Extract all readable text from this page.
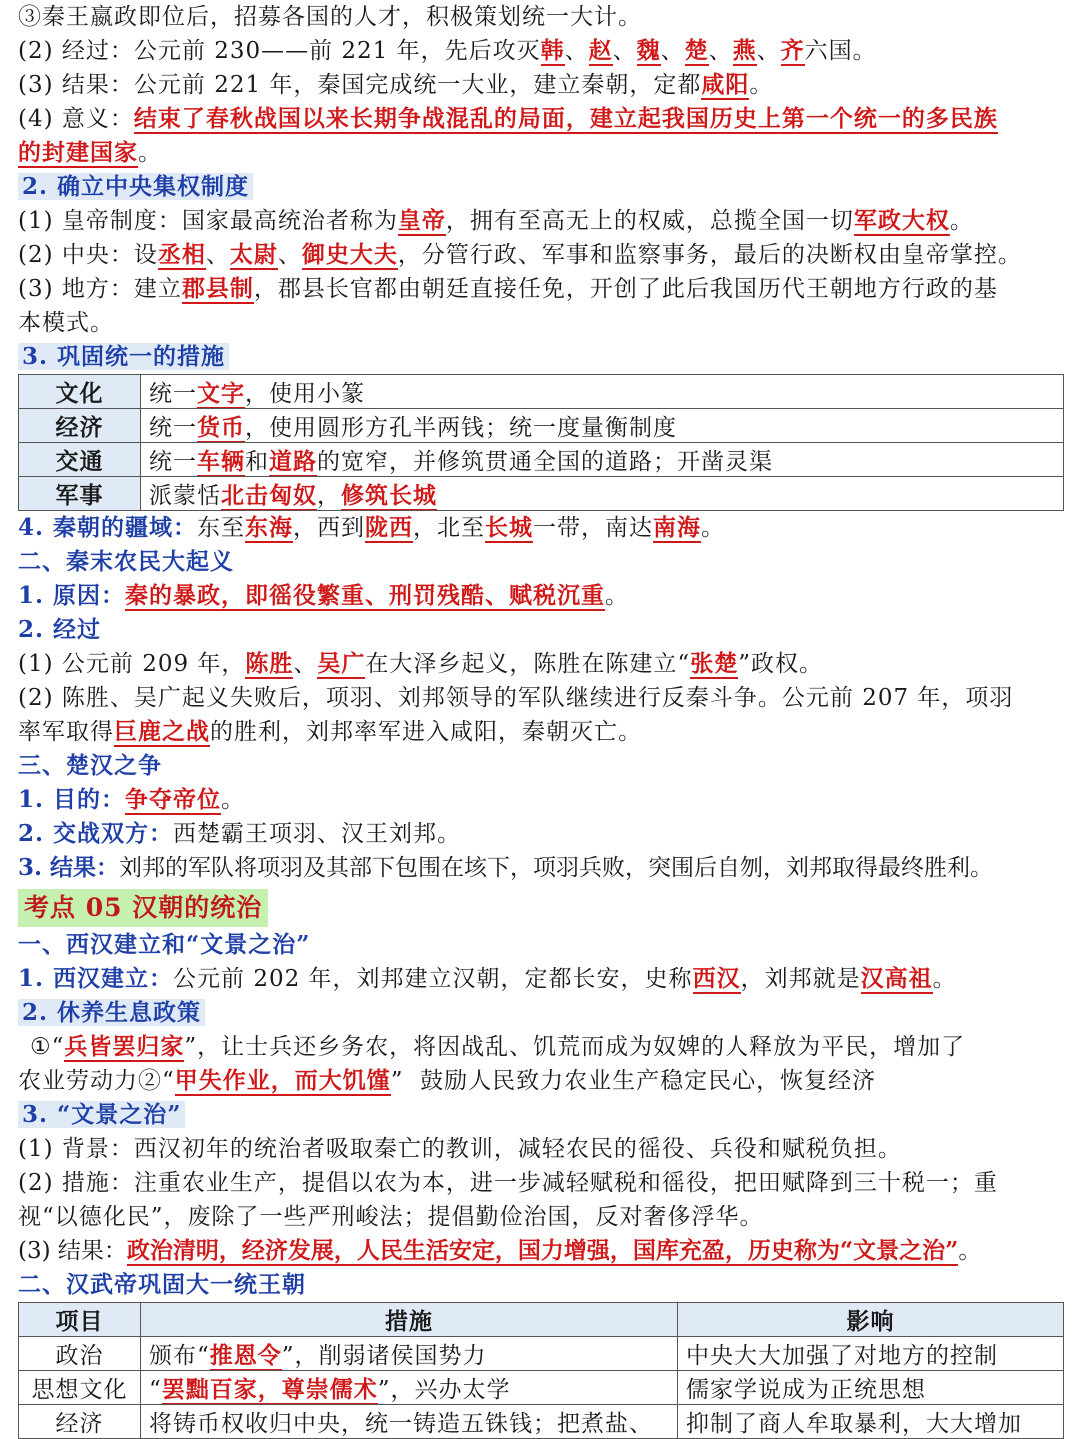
③秦王嬴政即位后，招募各国的人才，积极策划统一大计。
(2) 经过：公元前 230——前 221 年，先后攻灭韩、赵、魏、楚、燕、齐六国。
(3) 结果：公元前 221 年，秦国完成统一大业，建立秦朝，定都咸阳。
(4) 意义：结束了春秋战国以来长期争战混乱的局面，建立起我国历史上第一个统一的多民族
的封建国家。
2. 确立中央集权制度
(1) 皇帝制度：国家最高统治者称为皇帝，拥有至高无上的权威，总揽全国一切军政大权。
(2) 中央：设丞相、太尉、御史大夫，分管行政、军事和监察事务，最后的决断权由皇帝掌控。
(3) 地方：建立郡县制，郡县长官都由朝廷直接任免，开创了此后我国历代王朝地方行政的基
本模式。
3. 巩固统一的措施
文化	统一文字，使用小篆
经济	统一货币，使用圆形方孔半两钱；统一度量衡制度
交通	统一车辆和道路的宽窄，并修筑贯通全国的道路；开凿灵渠
军事	派蒙恬北击匈奴，修筑长城
4. 秦朝的疆域：东至东海，西到陇西，北至长城一带，南达南海。
二、秦末农民大起义
1. 原因：秦的暴政，即徭役繁重、刑罚残酷、赋税沉重。
2. 经过
(1) 公元前 209 年，陈胜、吴广在大泽乡起义，陈胜在陈建立“张楚”政权。
(2) 陈胜、吴广起义失败后，项羽、刘邦领导的军队继续进行反秦斗争。公元前 207 年，项羽
率军取得巨鹿之战的胜利，刘邦率军进入咸阳，秦朝灭亡。
三、楚汉之争
1. 目的：争夺帝位。
2. 交战双方：西楚霸王项羽、汉王刘邦。
3. 结果：刘邦的军队将项羽及其部下包围在垓下，项羽兵败，突围后自刎，刘邦取得最终胜利。
考点 05 汉朝的统治
一、西汉建立和“文景之治”
1. 西汉建立：公元前 202 年，刘邦建立汉朝，定都长安，史称西汉，刘邦就是汉高祖。
2. 休养生息政策
①“兵皆罢归家”，让士兵还乡务农，将因战乱、饥荒而成为奴婢的人释放为平民，增加了
农业劳动力②“甲失作业，而大饥馑”  鼓励人民致力农业生产稳定民心，恢复经济
3. “文景之治”
(1) 背景：西汉初年的统治者吸取秦亡的教训，减轻农民的徭役、兵役和赋税负担。
(2) 措施：注重农业生产，提倡以农为本，进一步减轻赋税和徭役，把田赋降到三十税一；重
视“以德化民”，废除了一些严刑峻法；提倡勤俭治国，反对奢侈浮华。
(3) 结果：政治清明，经济发展，人民生活安定，国力增强，国库充盈，历史称为“文景之治”。
二、汉武帝巩固大一统王朝
项目	措施	影响
政治	颁布“推恩令”，削弱诸侯国势力	中央大大加强了对地方的控制
思想文化	“罢黜百家，尊崇儒术”，兴办太学	儒家学说成为正统思想
经济	将铸币权收归中央，统一铸造五铢钱；把煮盐、	抑制了商人牟取暴利，大大增加
